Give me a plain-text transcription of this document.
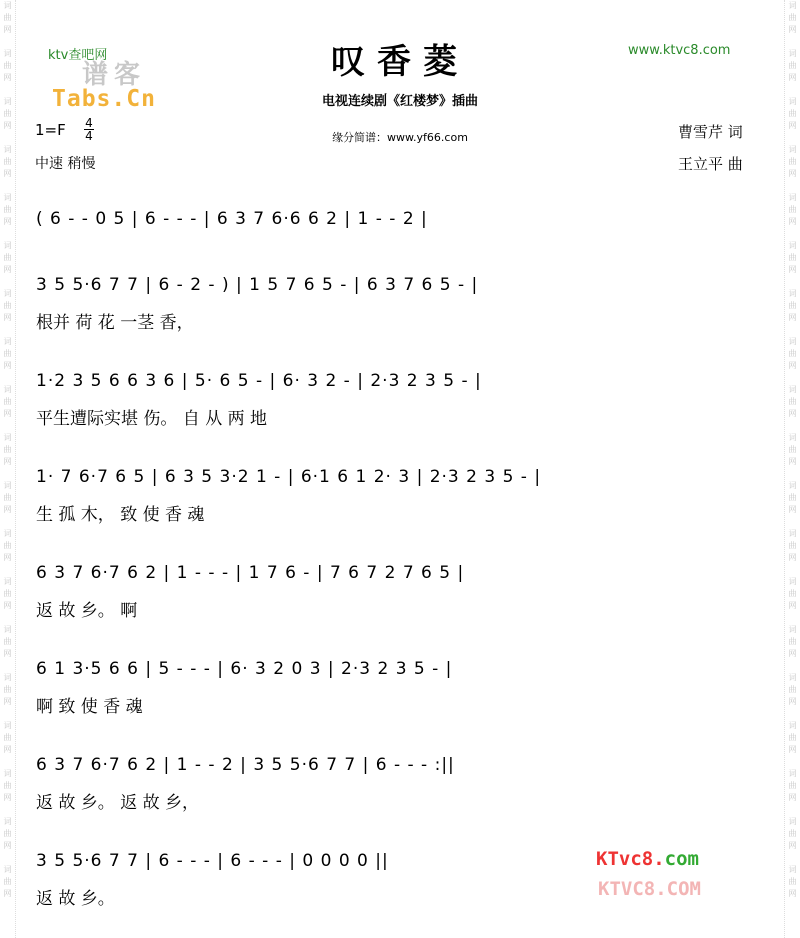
词
曲
网

词
曲
网

词
曲
网

词
曲
网

词
曲
网

词
曲
网

词
曲
网

词
曲
网

词
曲
网

词
曲
网

词
曲
网

词
曲
网

词
曲
网

词
曲
网

词
曲
网

词
曲
网

词
曲
网

词
曲
网

词
曲
网
词
曲
网

词
曲
网

词
曲
网

词
曲
网

词
曲
网

词
曲
网

词
曲
网

词
曲
网

词
曲
网

词
曲
网

词
曲
网

词
曲
网

词
曲
网

词
曲
网

词
曲
网

词
曲
网

词
曲
网

词
曲
网

词
曲
网
ktv查吧网
谱客
Tabs.Cn
叹香菱	www.ktvc8.com
电视连续剧《红楼梦》插曲
1=F 4
4	缘分简谱：www.yf66.com
中速 稍慢
曹雪芹 词
王立平 曲
( 6 - - 0 5 | 6 - - - | 6 3 7 6·6 6 2 | 1 - - 2 |
3 5 5·6 7 7 | 6 - 2 - ) | 1 5 7 6 5 - | 6 3 7 6 5 - |
根并 荷 花 一茎 香，
1·2 3 5 6 6 3 6 | 5· 6 5 - | 6· 3 2 - | 2·3 2 3 5 - |
平生遭际实堪 伤。 自 从 两 地
1· 7 6·7 6 5 | 6 3 5 3·2 1 - | 6·1 6 1 2· 3 | 2·3 2 3 5 - |
生 孤 木， 致 使 香 魂
6 3 7 6·7 6 2 | 1 - - - | 1 7 6 - | 7 6 7 2 7 6 5 |
返 故 乡。 啊
6 1 3·5 6 6 | 5 - - - | 6· 3 2 0 3 | 2·3 2 3 5 - |
啊 致 使 香 魂
6 3 7 6·7 6 2 | 1 - - 2 | 3 5 5·6 7 7 | 6 - - - :||
返 故 乡。 返 故 乡，
3 5 5·6 7 7 | 6 - - - | 6 - - - | 0 0 0 0 ||
返 故 乡。
KTvc8.com
KTVC8.COM
